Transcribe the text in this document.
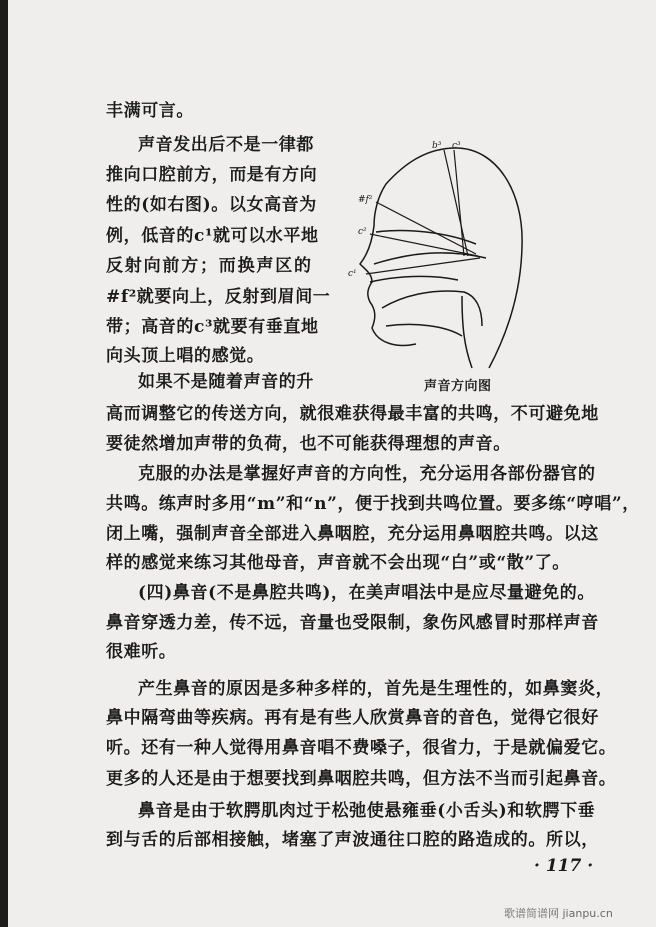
丰满可言。
声音发出后不是一律都
推向口腔前方，而是有方向
性的(如右图)。以女高音为
例，低音的c¹就可以水平地
反射向前方；而换声区的
#f²就要向上，反射到眉间一
带；高音的c³就要有垂直地
向头顶上唱的感觉。
如果不是随着声音的升
高而调整它的传送方向，就很难获得最丰富的共鸣，不可避免地
要徒然增加声带的负荷，也不可能获得理想的声音。
克服的办法是掌握好声音的方向性，充分运用各部份器官的
共鸣。练声时多用“m”和“n”，便于找到共鸣位置。要多练“哼唱”，
闭上嘴，强制声音全部进入鼻咽腔，充分运用鼻咽腔共鸣。以这
样的感觉来练习其他母音，声音就不会出现“白”或“散”了。
(四)鼻音(不是鼻腔共鸣)，在美声唱法中是应尽量避免的。
鼻音穿透力差，传不远，音量也受限制，象伤风感冒时那样声音
很难听。
产生鼻音的原因是多种多样的，首先是生理性的，如鼻窦炎，
鼻中隔弯曲等疾病。再有是有些人欣赏鼻音的音色，觉得它很好
听。还有一种人觉得用鼻音唱不费嗓子，很省力，于是就偏爱它。
更多的人还是由于想要找到鼻咽腔共鸣，但方法不当而引起鼻音。
鼻音是由于软腭肌肉过于松弛使悬雍垂(小舌头)和软腭下垂
到与舌的后部相接触，堵塞了声波通往口腔的路造成的。所以，
b³ c³
#f²
c²
c¹
声音方向图
· 117 ·
歌谱简谱网 jianpu.cn
